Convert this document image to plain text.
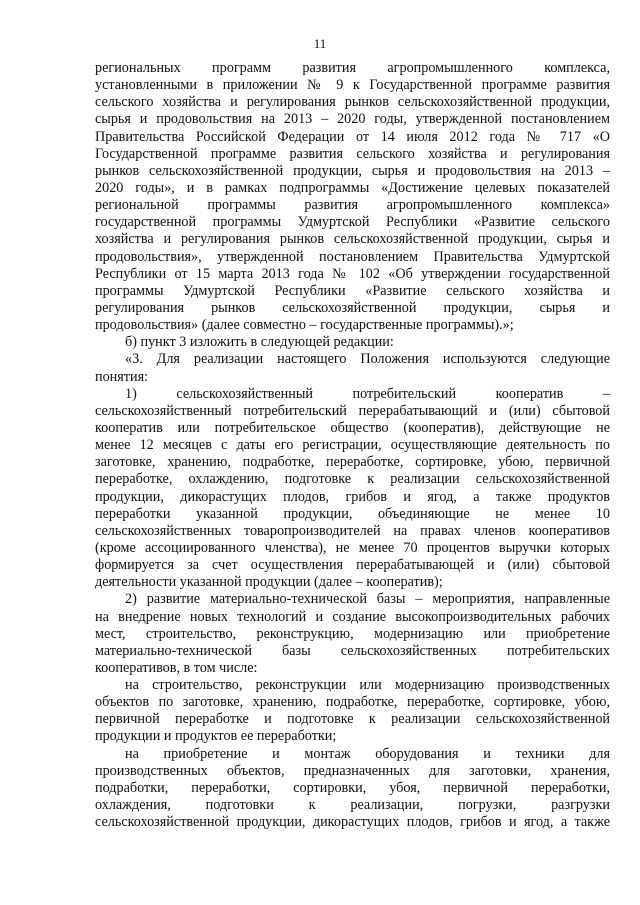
11
региональных программ развития агропромышленного комплекса,
установленными в приложении № 9 к Государственной программе развития
сельского хозяйства и регулирования рынков сельскохозяйственной продукции,
сырья и продовольствия на 2013 – 2020 годы, утвержденной постановлением
Правительства Российской Федерации от 14 июля 2012 года № 717 «О
Государственной программе развития сельского хозяйства и регулирования
рынков сельскохозяйственной продукции, сырья и продовольствия на 2013 –
2020 годы», и в рамках подпрограммы «Достижение целевых показателей
региональной программы развития агропромышленного комплекса»
государственной программы Удмуртской Республики «Развитие сельского
хозяйства и регулирования рынков сельскохозяйственной продукции, сырья и
продовольствия», утвержденной постановлением Правительства Удмуртской
Республики от 15 марта 2013 года № 102 «Об утверждении государственной
программы Удмуртской Республики «Развитие сельского хозяйства и
регулирования рынков сельскохозяйственной продукции, сырья и
продовольствия» (далее совместно – государственные программы).»;
б) пункт 3 изложить в следующей редакции:
«3. Для реализации настоящего Положения используются следующие
понятия:
1) сельскохозяйственный потребительский кооператив –
сельскохозяйственный потребительский перерабатывающий и (или) сбытовой
кооператив или потребительское общество (кооператив), действующие не
менее 12 месяцев с даты его регистрации, осуществляющие деятельность по
заготовке, хранению, подработке, переработке, сортировке, убою, первичной
переработке, охлаждению, подготовке к реализации сельскохозяйственной
продукции, дикорастущих плодов, грибов и ягод, а также продуктов
переработки указанной продукции, объединяющие не менее 10
сельскохозяйственных товаропроизводителей на правах членов кооперативов
(кроме ассоциированного членства), не менее 70 процентов выручки которых
формируется за счет осуществления перерабатывающей и (или) сбытовой
деятельности указанной продукции (далее – кооператив);
2) развитие материально-технической базы – мероприятия, направленные
на внедрение новых технологий и создание высокопроизводительных рабочих
мест, строительство, реконструкцию, модернизацию или приобретение
материально-технической базы сельскохозяйственных потребительских
кооперативов, в том числе:
на строительство, реконструкции или модернизацию производственных
объектов по заготовке, хранению, подработке, переработке, сортировке, убою,
первичной переработке и подготовке к реализации сельскохозяйственной
продукции и продуктов ее переработки;
на приобретение и монтаж оборудования и техники для
производственных объектов, предназначенных для заготовки, хранения,
подработки, переработки, сортировки, убоя, первичной переработки,
охлаждения, подготовки к реализации, погрузки, разгрузки
сельскохозяйственной продукции, дикорастущих плодов, грибов и ягод, а также
